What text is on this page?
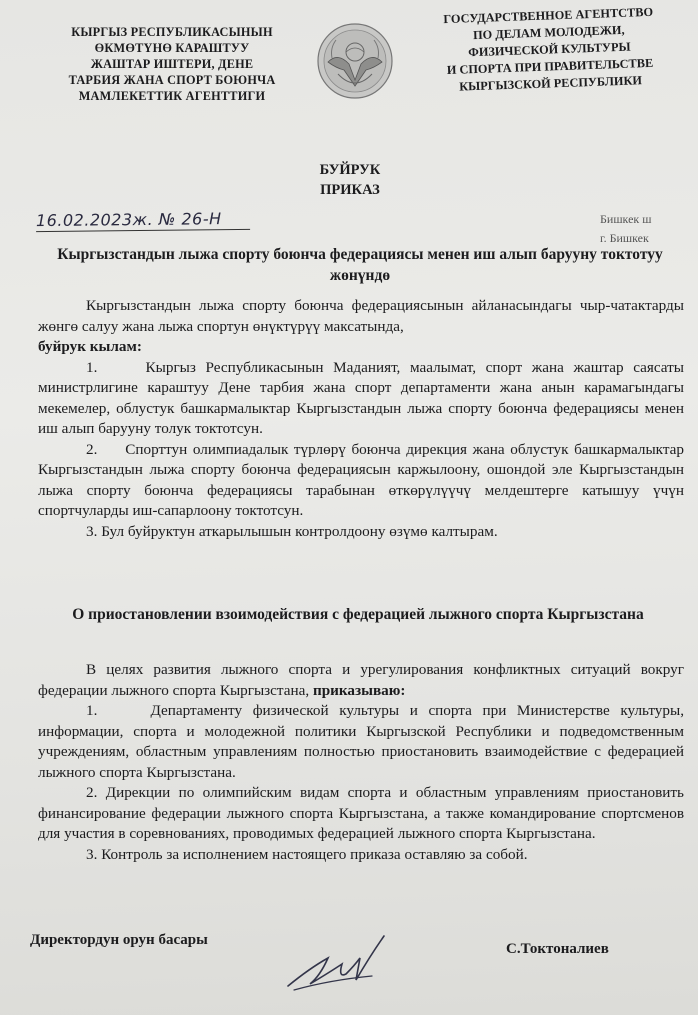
КЫРГЫЗ РЕСПУБЛИКАСЫНЫН
ӨКМӨТҮНӨ КАРАШТУУ
ЖАШТАР ИШТЕРИ, ДЕНЕ
ТАРБИЯ ЖАНА СПОРТ БОЮНЧА
МАМЛЕКЕТТИК АГЕНТТИГИ
ГОСУДАРСТВЕННОЕ АГЕНТСТВО
ПО ДЕЛАМ МОЛОДЕЖИ,
ФИЗИЧЕСКОЙ КУЛЬТУРЫ
И СПОРТА ПРИ ПРАВИТЕЛЬСТВЕ
КЫРГЫЗСКОЙ РЕСПУБЛИКИ
БУЙРУК
ПРИКАЗ
16.02.2023ж. № 26-Н	Бишкек ш
г. Бишкек
Кыргызстандын лыжа спорту боюнча федерациясы менен иш алып барууну токтотуу жөнүндө

Кыргызстандын лыжа спорту боюнча федерациясынын айланасындагы чыр-чатактарды жөнгө салуу жана лыжа спортун өнүктүрүү максатында,
буйрук кылам:

1.     Кыргыз Республикасынын Маданият, маалымат, спорт жана жаштар саясаты министрлигине караштуу Дене тарбия жана спорт департаменти жана анын карамагындагы мекемелер, облустук башкармалыктар Кыргызстандын лыжа спорту боюнча федерациясы менен иш алып барууну толук токтотсун.

2.     Спорттун олимпиадалык түрлөрү боюнча дирекция жана облустук башкармалыктар Кыргызстандын лыжа спорту боюнча федерациясын каржылоону, ошондой эле Кыргызстандын лыжа спорту боюнча федерациясы тарабынан өткөрүлүүчү мелдештерге катышуу үчүн спортчуларды иш-сапарлоону токтотсун.

3. Бул буйруктун аткарылышын контролдоону өзүмө калтырам.

О приостановлении взоимодействия с федерацией лыжного спорта Кыргызстана

В целях развития лыжного спорта и урегулирования конфликтных ситуаций вокруг федерации лыжного спорта Кыргызстана, приказываю:

1.     Департаменту физической культуры и спорта при Министерстве культуры, информации, спорта и молодежной политики Кыргызской Республики и подведомственным учреждениям, областным управлениям полностью приостановить взаимодействие с федерацией лыжного спорта Кыргызстана.

2. Дирекции по олимпийским видам спорта и областным управлениям приостановить финансирование федерации лыжного спорта Кыргызстана, а также командирование спортсменов для участия в соревнованиях, проводимых федерацией лыжного спорта Кыргызстана.

3. Контроль за исполнением настоящего приказа оставляю за собой.

Директордун орун басары
С.Токтоналиев
